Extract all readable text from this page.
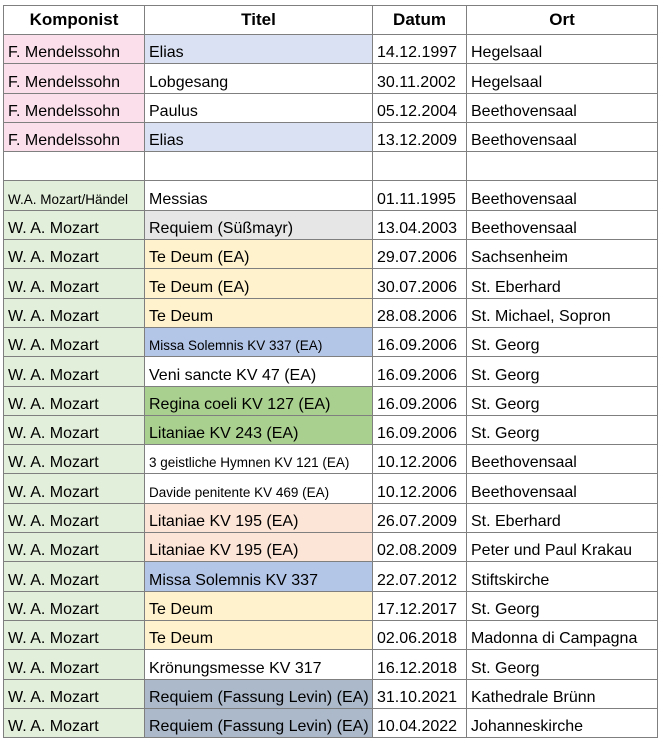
Komponist	Titel	Datum	Ort
F. Mendelssohn	Elias	14.12.1997	Hegelsaal
F. Mendelssohn	Lobgesang	30.11.2002	Hegelsaal
F. Mendelssohn	Paulus	05.12.2004	Beethovensaal
F. Mendelssohn	Elias	13.12.2009	Beethovensaal

W.A. Mozart/Händel	Messias	01.11.1995	Beethovensaal
W. A. Mozart	Requiem (Süßmayr)	13.04.2003	Beethovensaal
W. A. Mozart	Te Deum (EA)	29.07.2006	Sachsenheim
W. A. Mozart	Te Deum (EA)	30.07.2006	St. Eberhard
W. A. Mozart	Te Deum	28.08.2006	St. Michael, Sopron
W. A. Mozart	Missa Solemnis KV 337 (EA)	16.09.2006	St. Georg
W. A. Mozart	Veni sancte KV 47 (EA)	16.09.2006	St. Georg
W. A. Mozart	Regina coeli KV 127 (EA)	16.09.2006	St. Georg
W. A. Mozart	Litaniae KV 243 (EA)	16.09.2006	St. Georg
W. A. Mozart	3 geistliche Hymnen KV 121 (EA)	10.12.2006	Beethovensaal
W. A. Mozart	Davide penitente KV 469 (EA)	10.12.2006	Beethovensaal
W. A. Mozart	Litaniae KV 195 (EA)	26.07.2009	St. Eberhard
W. A. Mozart	Litaniae KV 195 (EA)	02.08.2009	Peter und Paul Krakau
W. A. Mozart	Missa Solemnis KV 337	22.07.2012	Stiftskirche
W. A. Mozart	Te Deum	17.12.2017	St. Georg
W. A. Mozart	Te Deum	02.06.2018	Madonna di Campagna
W. A. Mozart	Krönungsmesse KV 317	16.12.2018	St. Georg
W. A. Mozart	Requiem (Fassung Levin) (EA)	31.10.2021	Kathedrale Brünn
W. A. Mozart	Requiem (Fassung Levin) (EA)	10.04.2022	Johanneskirche
